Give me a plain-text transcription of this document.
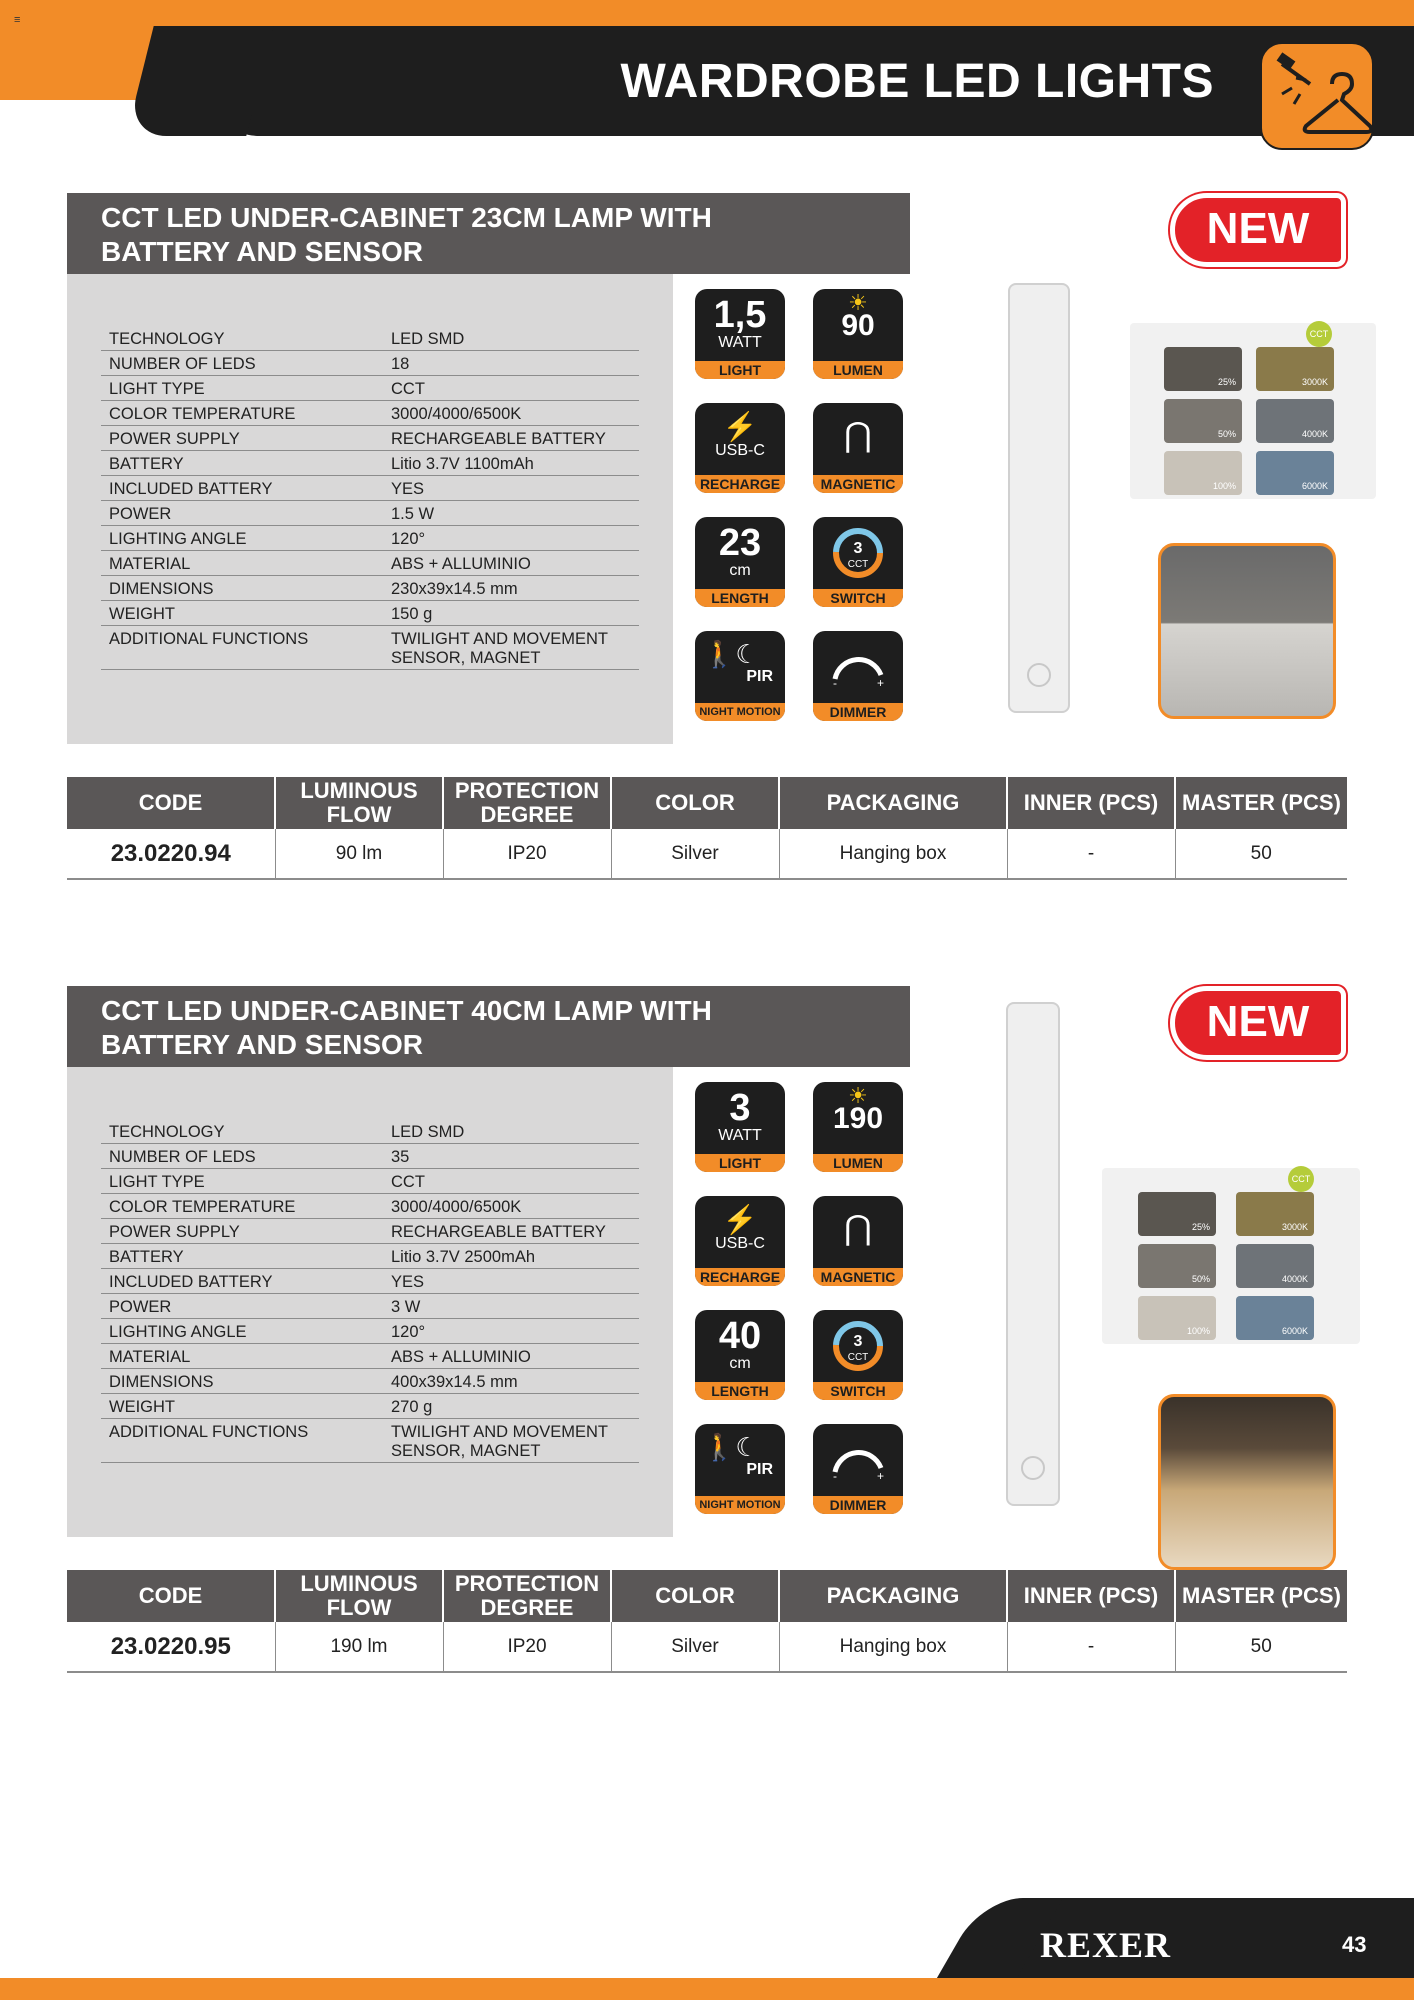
≡
WARDROBE LED LIGHTS
CCT LED UNDER-CABINET 23CM LAMP WITH
BATTERY AND SENSOR
TECHNOLOGY	LED SMD
NUMBER OF LEDS	18
LIGHT TYPE	CCT
COLOR TEMPERATURE	3000/4000/6500K
POWER SUPPLY	RECHARGEABLE BATTERY
BATTERY	Litio 3.7V 1100mAh
INCLUDED BATTERY	YES
POWER	1.5 W
LIGHTING ANGLE	120°
MATERIAL	ABS + ALLUMINIO
DIMENSIONS	230x39x14.5 mm
WEIGHT	150 g
ADDITIONAL FUNCTIONS	TWILIGHT AND MOVEMENT SENSOR, MAGNET
1,5
WATT
LIGHT
☀
90
LUMEN
⚡
USB-C
RECHARGE
⋂
MAGNETIC
23
cm
LENGTH
3
CCT
SWITCH
🚶☾
PIR
NIGHT MOTION
-	+
DIMMER
NEW
25%	3000K
50%	4000K
100%	6000K
CCT
CODE	LUMINOUS FLOW	PROTECTION DEGREE	COLOR	PACKAGING	INNER (PCS)	MASTER (PCS)
23.0220.94	90 lm	IP20	Silver	Hanging box	-	50
CCT LED UNDER-CABINET 40CM LAMP WITH
BATTERY AND SENSOR
TECHNOLOGY	LED SMD
NUMBER OF LEDS	35
LIGHT TYPE	CCT
COLOR TEMPERATURE	3000/4000/6500K
POWER SUPPLY	RECHARGEABLE BATTERY
BATTERY	Litio 3.7V 2500mAh
INCLUDED BATTERY	YES
POWER	3 W
LIGHTING ANGLE	120°
MATERIAL	ABS + ALLUMINIO
DIMENSIONS	400x39x14.5 mm
WEIGHT	270 g
ADDITIONAL FUNCTIONS	TWILIGHT AND MOVEMENT SENSOR, MAGNET
3
WATT
LIGHT
☀
190
LUMEN
⚡
USB-C
RECHARGE
⋂
MAGNETIC
40
cm
LENGTH
3
CCT
SWITCH
🚶☾
PIR
NIGHT MOTION
-	+
DIMMER
NEW
25%	3000K
50%	4000K
100%	6000K
CCT
CODE	LUMINOUS FLOW	PROTECTION DEGREE	COLOR	PACKAGING	INNER (PCS)	MASTER (PCS)
23.0220.95	190 lm	IP20	Silver	Hanging box	-	50
REXER	43
